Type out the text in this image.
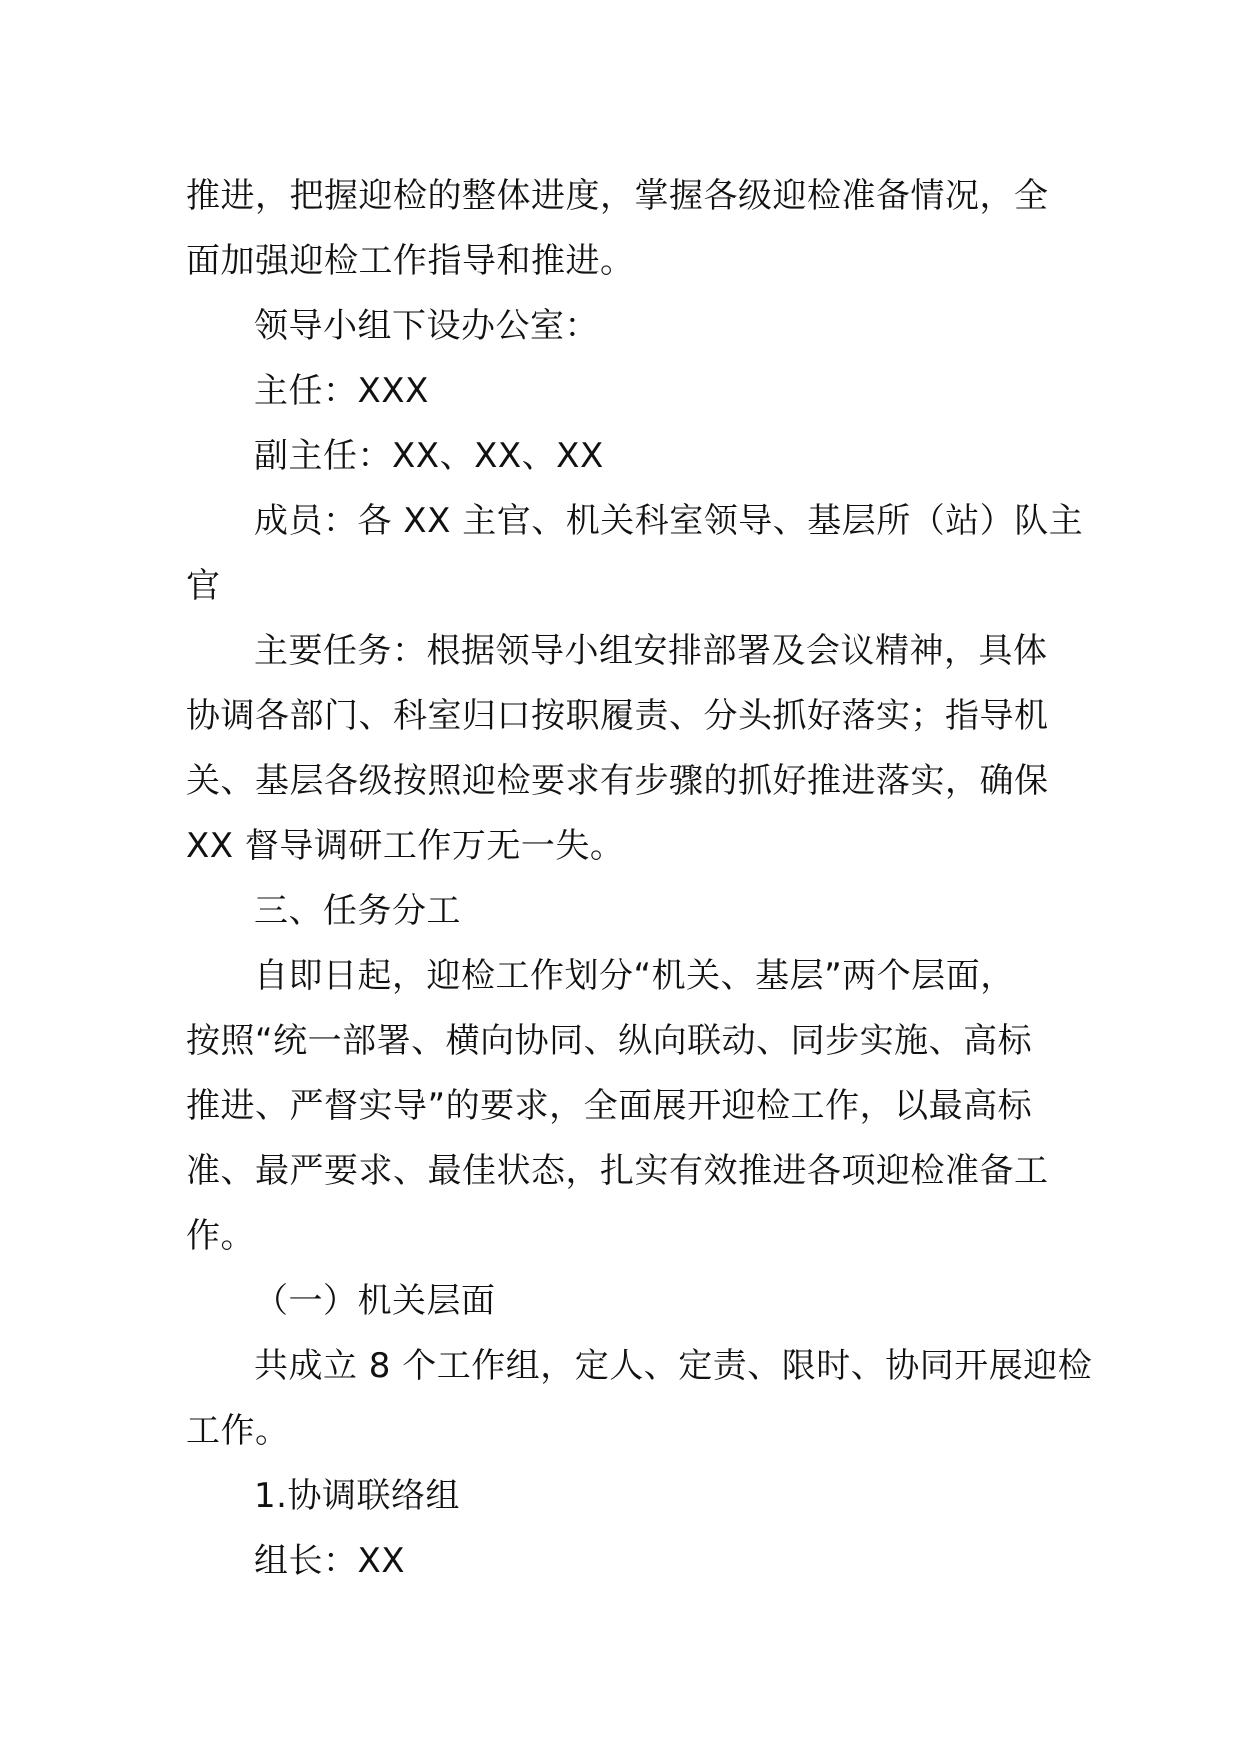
推进，把握迎检的整体进度，掌握各级迎检准备情况，全
面加强迎检工作指导和推进。
领导小组下设办公室：
主任：XXX
副主任：XX、XX、XX
成员：各 XX 主官、机关科室领导、基层所（站）队主
官
主要任务：根据领导小组安排部署及会议精神，具体
协调各部门、科室归口按职履责、分头抓好落实；指导机
关、基层各级按照迎检要求有步骤的抓好推进落实，确保
XX 督导调研工作万无一失。
三、任务分工
自即日起，迎检工作划分“机关、基层”两个层面，
按照“统一部署、横向协同、纵向联动、同步实施、高标
推进、严督实导”的要求，全面展开迎检工作，以最高标
准、最严要求、最佳状态，扎实有效推进各项迎检准备工
作。
（一）机关层面
共成立 8 个工作组，定人、定责、限时、协同开展迎检
工作。
1.协调联络组
组长：XX
